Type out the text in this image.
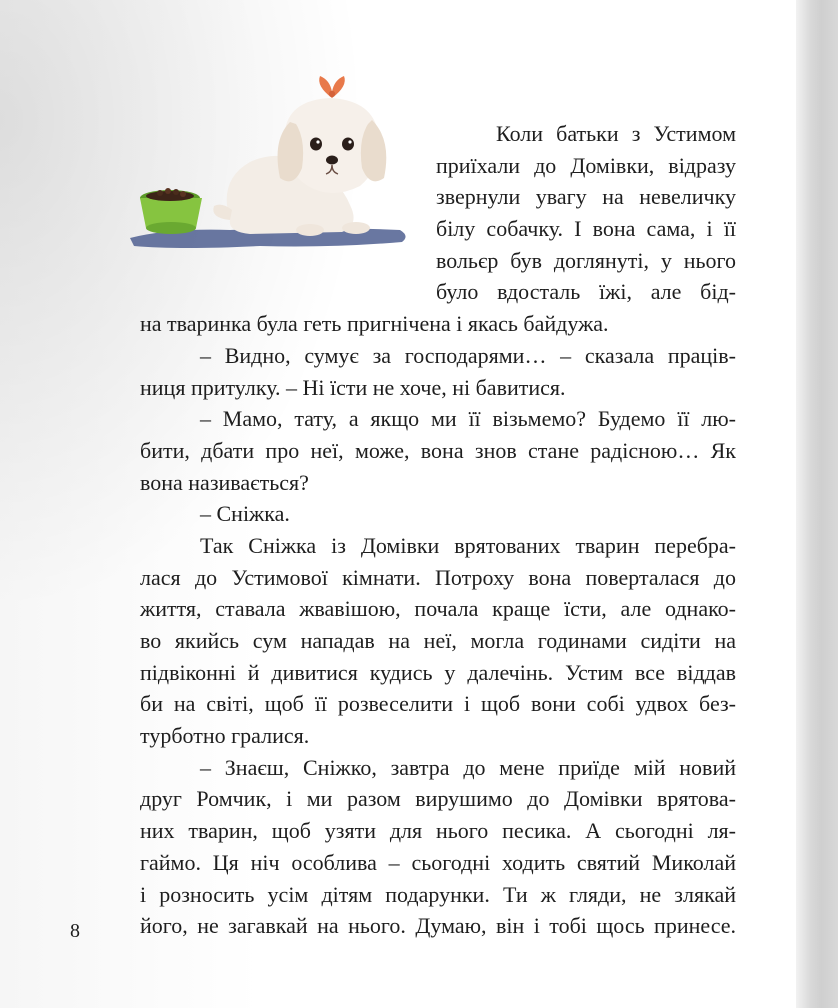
Коли батьки з Устимом
приїхали до Домівки, відразу
звернули увагу на невеличку
білу собачку. І вона сама, і її
вольєр був доглянуті, у нього
було вдосталь їжі, але бід-
на тваринка була геть пригнічена і якась байдужа.
– Видно, сумує за господарями… – сказала праців-
ниця притулку. – Ні їсти не хоче, ні бавитися.
– Мамо, тату, а якщо ми її візьмемо? Будемо її лю-
бити, дбати про неї, може, вона знов стане радісною… Як
вона називається?
– Сніжка.
Так Сніжка із Домівки врятованих тварин перебра-
лася до Устимової кімнати. Потроху вона поверталася до
життя, ставала жвавішою, почала краще їсти, але однако-
во якийсь сум нападав на неї, могла годинами сидіти на
підвіконні й дивитися кудись у далечінь. Устим все віддав
би на світі, щоб її розвеселити і щоб вони собі удвох без-
турботно гралися.
– Знаєш, Сніжко, завтра до мене приїде мій новий
друг Ромчик, і ми разом вирушимо до Домівки врятова-
них тварин, щоб узяти для нього песика. А сьогодні ля-
гаймо. Ця ніч особлива – сьогодні ходить святий Миколай
і розносить усім дітям подарунки. Ти ж гляди, не злякай
його, не загавкай на нього. Думаю, він і тобі щось принесе.
8
